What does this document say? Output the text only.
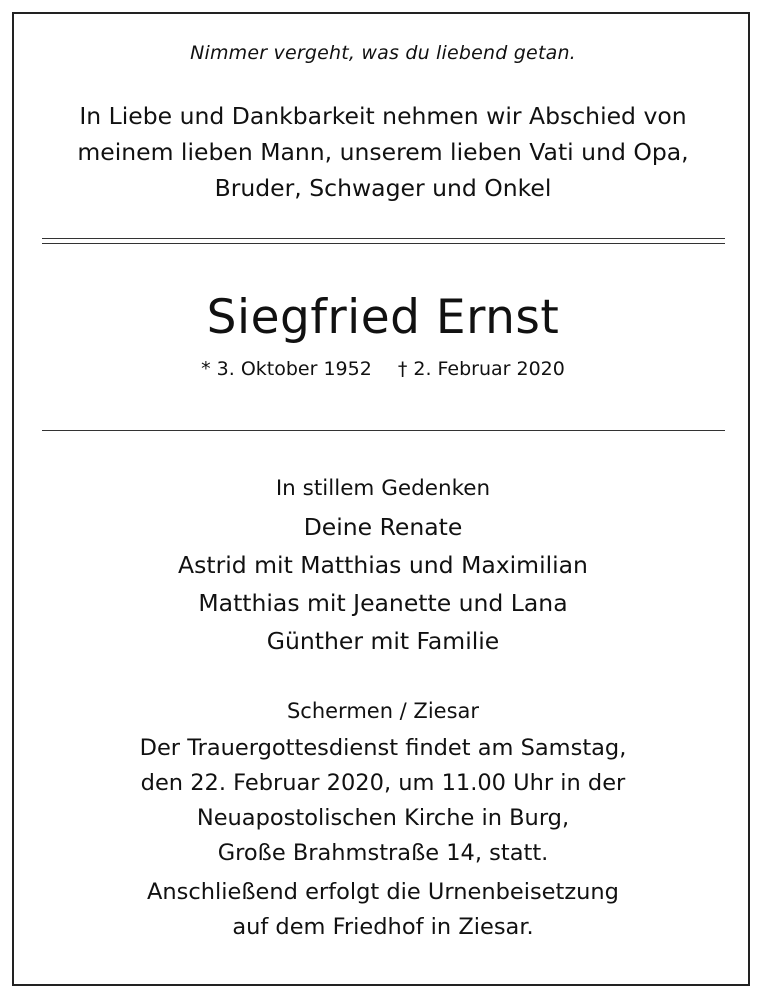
Nimmer vergeht, was du liebend getan.
In Liebe und Dankbarkeit nehmen wir Abschied von
meinem lieben Mann, unserem lieben Vati und Opa,
Bruder, Schwager und Onkel
Siegfried Ernst
* 3. Oktober 1952 † 2. Februar 2020
In stillem Gedenken
Deine Renate
Astrid mit Matthias und Maximilian
Matthias mit Jeanette und Lana
Günther mit Familie
Schermen / Ziesar
Der Trauergottesdienst findet am Samstag,
den 22. Februar 2020, um 11.00 Uhr in der
Neuapostolischen Kirche in Burg,
Große Brahmstraße 14, statt.
Anschließend erfolgt die Urnenbeisetzung
auf dem Friedhof in Ziesar.
